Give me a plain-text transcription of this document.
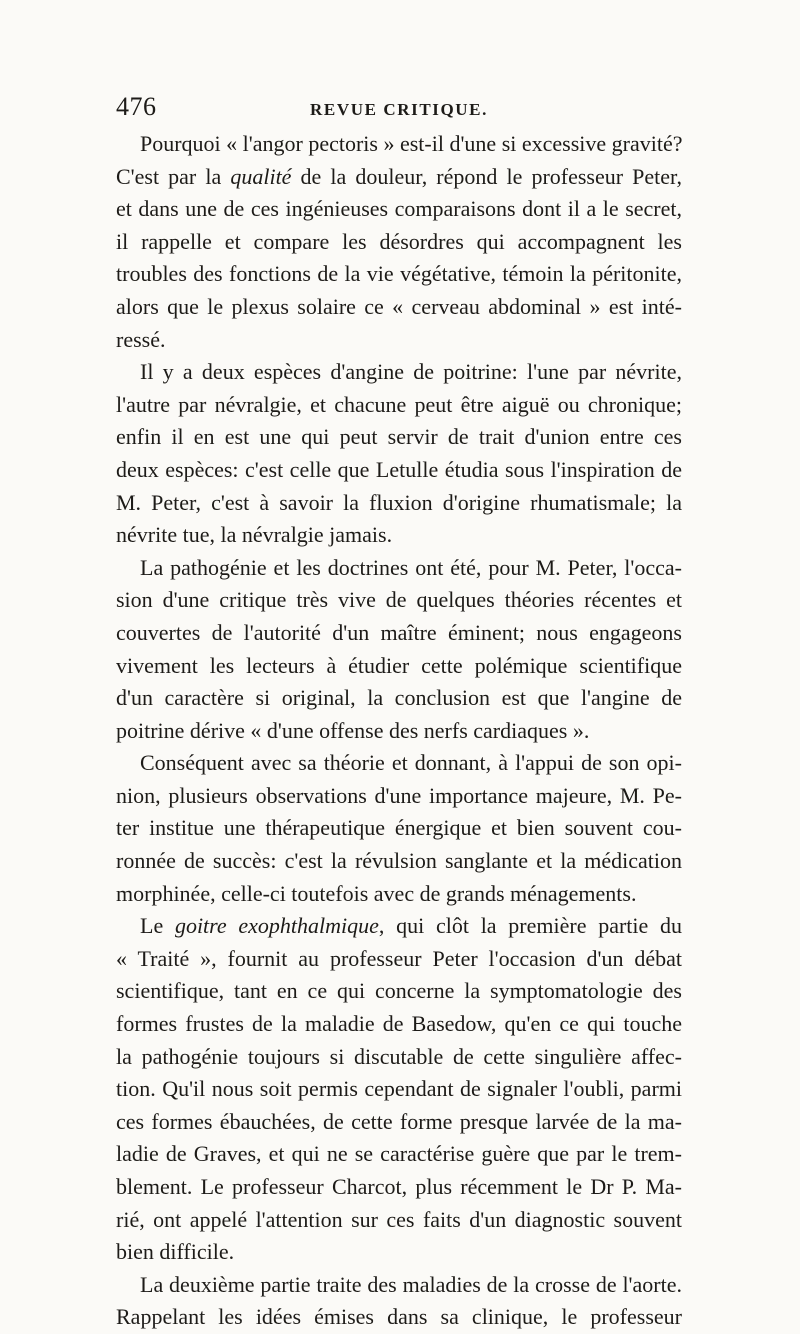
476	REVUE CRITIQUE.
Pourquoi « l'angor pectoris » est-il d'une si excessive gravité?
C'est par la qualité de la douleur, répond le professeur Peter,
et dans une de ces ingénieuses comparaisons dont il a le secret,
il rappelle et compare les désordres qui accompagnent les
troubles des fonctions de la vie végétative, témoin la péritonite,
alors que le plexus solaire ce « cerveau abdominal » est inté-
ressé.
Il y a deux espèces d'angine de poitrine: l'une par névrite,
l'autre par névralgie, et chacune peut être aiguë ou chronique;
enfin il en est une qui peut servir de trait d'union entre ces
deux espèces: c'est celle que Letulle étudia sous l'inspiration de
M. Peter, c'est à savoir la fluxion d'origine rhumatismale; la
névrite tue, la névralgie jamais.
La pathogénie et les doctrines ont été, pour M. Peter, l'occa-
sion d'une critique très vive de quelques théories récentes et
couvertes de l'autorité d'un maître éminent; nous engageons
vivement les lecteurs à étudier cette polémique scientifique
d'un caractère si original, la conclusion est que l'angine de
poitrine dérive « d'une offense des nerfs cardiaques ».
Conséquent avec sa théorie et donnant, à l'appui de son opi-
nion, plusieurs observations d'une importance majeure, M. Pe-
ter institue une thérapeutique énergique et bien souvent cou-
ronnée de succès: c'est la révulsion sanglante et la médication
morphinée, celle-ci toutefois avec de grands ménagements.
Le goitre exophthalmique, qui clôt la première partie du
« Traité », fournit au professeur Peter l'occasion d'un débat
scientifique, tant en ce qui concerne la symptomatologie des
formes frustes de la maladie de Basedow, qu'en ce qui touche
la pathogénie toujours si discutable de cette singulière affec-
tion. Qu'il nous soit permis cependant de signaler l'oubli, parmi
ces formes ébauchées, de cette forme presque larvée de la ma-
ladie de Graves, et qui ne se caractérise guère que par le trem-
blement. Le professeur Charcot, plus récemment le Dr P. Ma-
rié, ont appelé l'attention sur ces faits d'un diagnostic souvent
bien difficile.
La deuxième partie traite des maladies de la crosse de l'aorte.
Rappelant les idées émises dans sa clinique, le professeur
